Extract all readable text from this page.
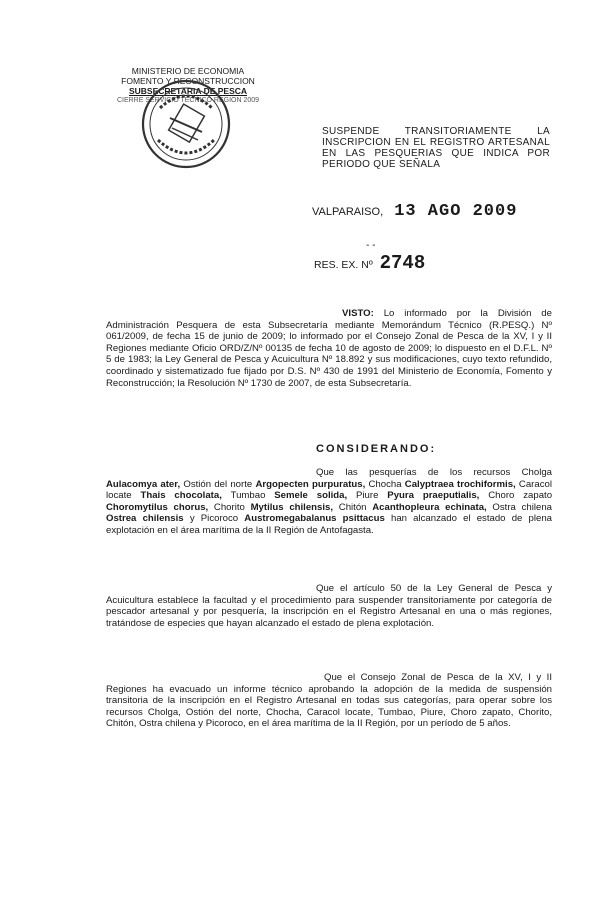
MINISTERIO DE ECONOMIA
FOMENTO Y RECONSTRUCCION
SUBSECRETARIA DE PESCA
CIERRE SERVICIO TECNICO REGION 2009
SUSPENDE TRANSITORIAMENTE LA INSCRIPCION EN EL REGISTRO ARTESANAL EN LAS PESQUERIAS QUE INDICA POR PERIODO QUE SEÑALA
VALPARAISO, 13 AGO 2009
- -
RES. EX. Nº 2748
VISTO: Lo informado por la División de Administración Pesquera de esta Subsecretaría mediante Memorándum Técnico (R.PESQ.) Nº 061/2009, de fecha 15 de junio de 2009; lo informado por el Consejo Zonal de Pesca de la XV, I y II Regiones mediante Oficio ORD/Z/Nº 00135 de fecha 10 de agosto de 2009; lo dispuesto en el D.F.L. Nº 5 de 1983; la Ley General de Pesca y Acuicultura Nº 18.892 y sus modificaciones, cuyo texto refundido, coordinado y sistematizado fue fijado por D.S. Nº 430 de 1991 del Ministerio de Economía, Fomento y Reconstrucción; la Resolución Nº 1730 de 2007, de esta Subsecretaría.
CONSIDERANDO:
Que las pesquerías de los recursos Cholga Aulacomya ater, Ostión del norte Argopecten purpuratus, Chocha Calyptraea trochiformis, Caracol locate Thais chocolata, Tumbao Semele solida, Piure Pyura praeputialis, Choro zapato Choromytilus chorus, Chorito Mytilus chilensis, Chitón Acanthopleura echinata, Ostra chilena Ostrea chilensis y Picoroco Austromegabalanus psittacus han alcanzado el estado de plena explotación en el área marítima de la II Región de Antofagasta.
Que el artículo 50 de la Ley General de Pesca y Acuicultura establece la facultad y el procedimiento para suspender transitoriamente por categoría de pescador artesanal y por pesquería, la inscripción en el Registro Artesanal en una o más regiones, tratándose de especies que hayan alcanzado el estado de plena explotación.
Que el Consejo Zonal de Pesca de la XV, I y II Regiones ha evacuado un informe técnico aprobando la adopción de la medida de suspensión transitoria de la inscripción en el Registro Artesanal en todas sus categorías, para operar sobre los recursos Cholga, Ostión del norte, Chocha, Caracol locate, Tumbao, Piure, Choro zapato, Chorito, Chitón, Ostra chilena y Picoroco, en el área marítima de la II Región, por un período de 5 años.
